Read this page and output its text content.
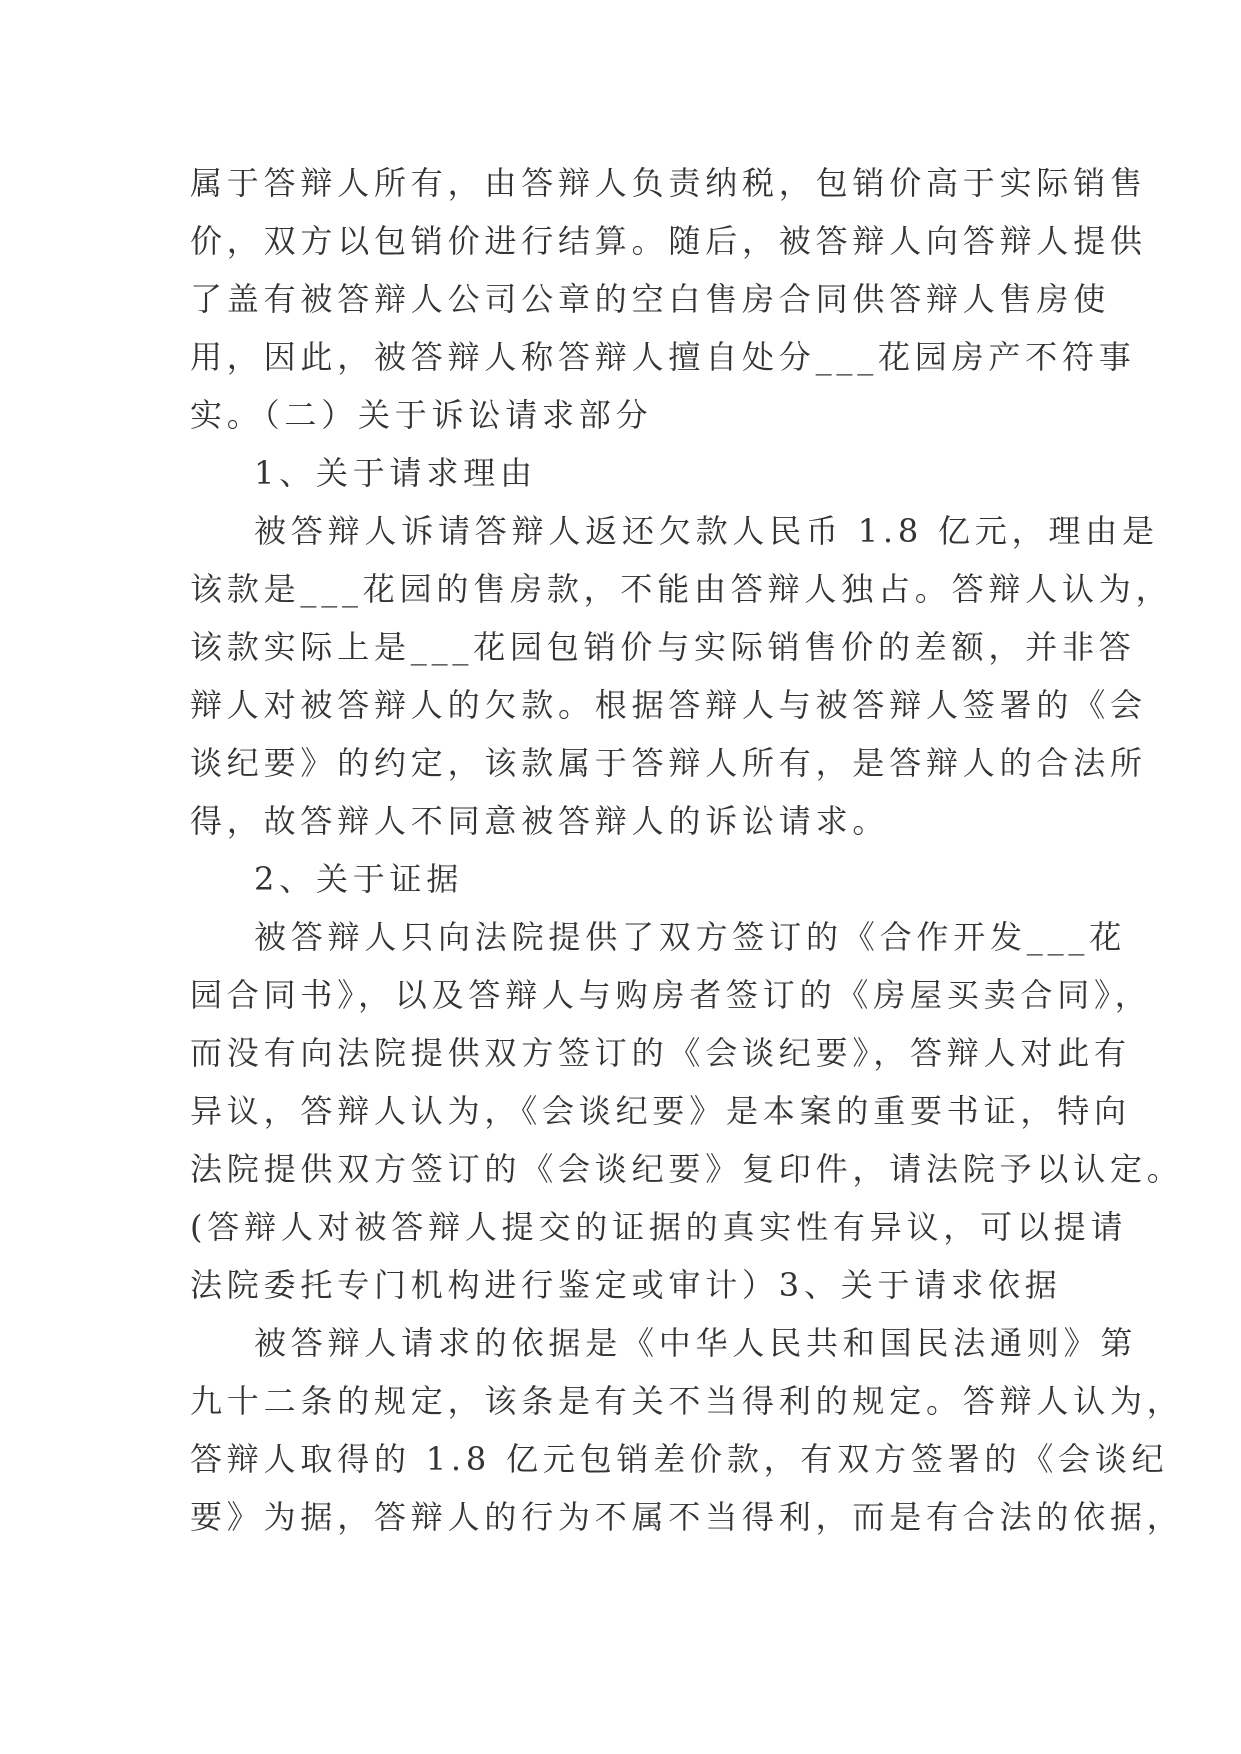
属于答辩人所有，由答辩人负责纳税，包销价高于实际销售
价，双方以包销价进行结算。随后，被答辩人向答辩人提供
了盖有被答辩人公司公章的空白售房合同供答辩人售房使
用，因此，被答辩人称答辩人擅自处分___花园房产不符事
实。（二）关于诉讼请求部分
1、关于请求理由
被答辩人诉请答辩人返还欠款人民币 1.8 亿元，理由是
该款是___花园的售房款，不能由答辩人独占。答辩人认为，
该款实际上是___花园包销价与实际销售价的差额，并非答
辩人对被答辩人的欠款。根据答辩人与被答辩人签署的《会
谈纪要》的约定，该款属于答辩人所有，是答辩人的合法所
得，故答辩人不同意被答辩人的诉讼请求。
2、关于证据
被答辩人只向法院提供了双方签订的《合作开发___花
园合同书》，以及答辩人与购房者签订的《房屋买卖合同》，
而没有向法院提供双方签订的《会谈纪要》，答辩人对此有
异议，答辩人认为，《会谈纪要》是本案的重要书证，特向
法院提供双方签订的《会谈纪要》复印件，请法院予以认定。
(答辩人对被答辩人提交的证据的真实性有异议，可以提请
法院委托专门机构进行鉴定或审计）3、关于请求依据
被答辩人请求的依据是《中华人民共和国民法通则》第
九十二条的规定，该条是有关不当得利的规定。答辩人认为，
答辩人取得的 1.8 亿元包销差价款，有双方签署的《会谈纪
要》为据，答辩人的行为不属不当得利，而是有合法的依据，
